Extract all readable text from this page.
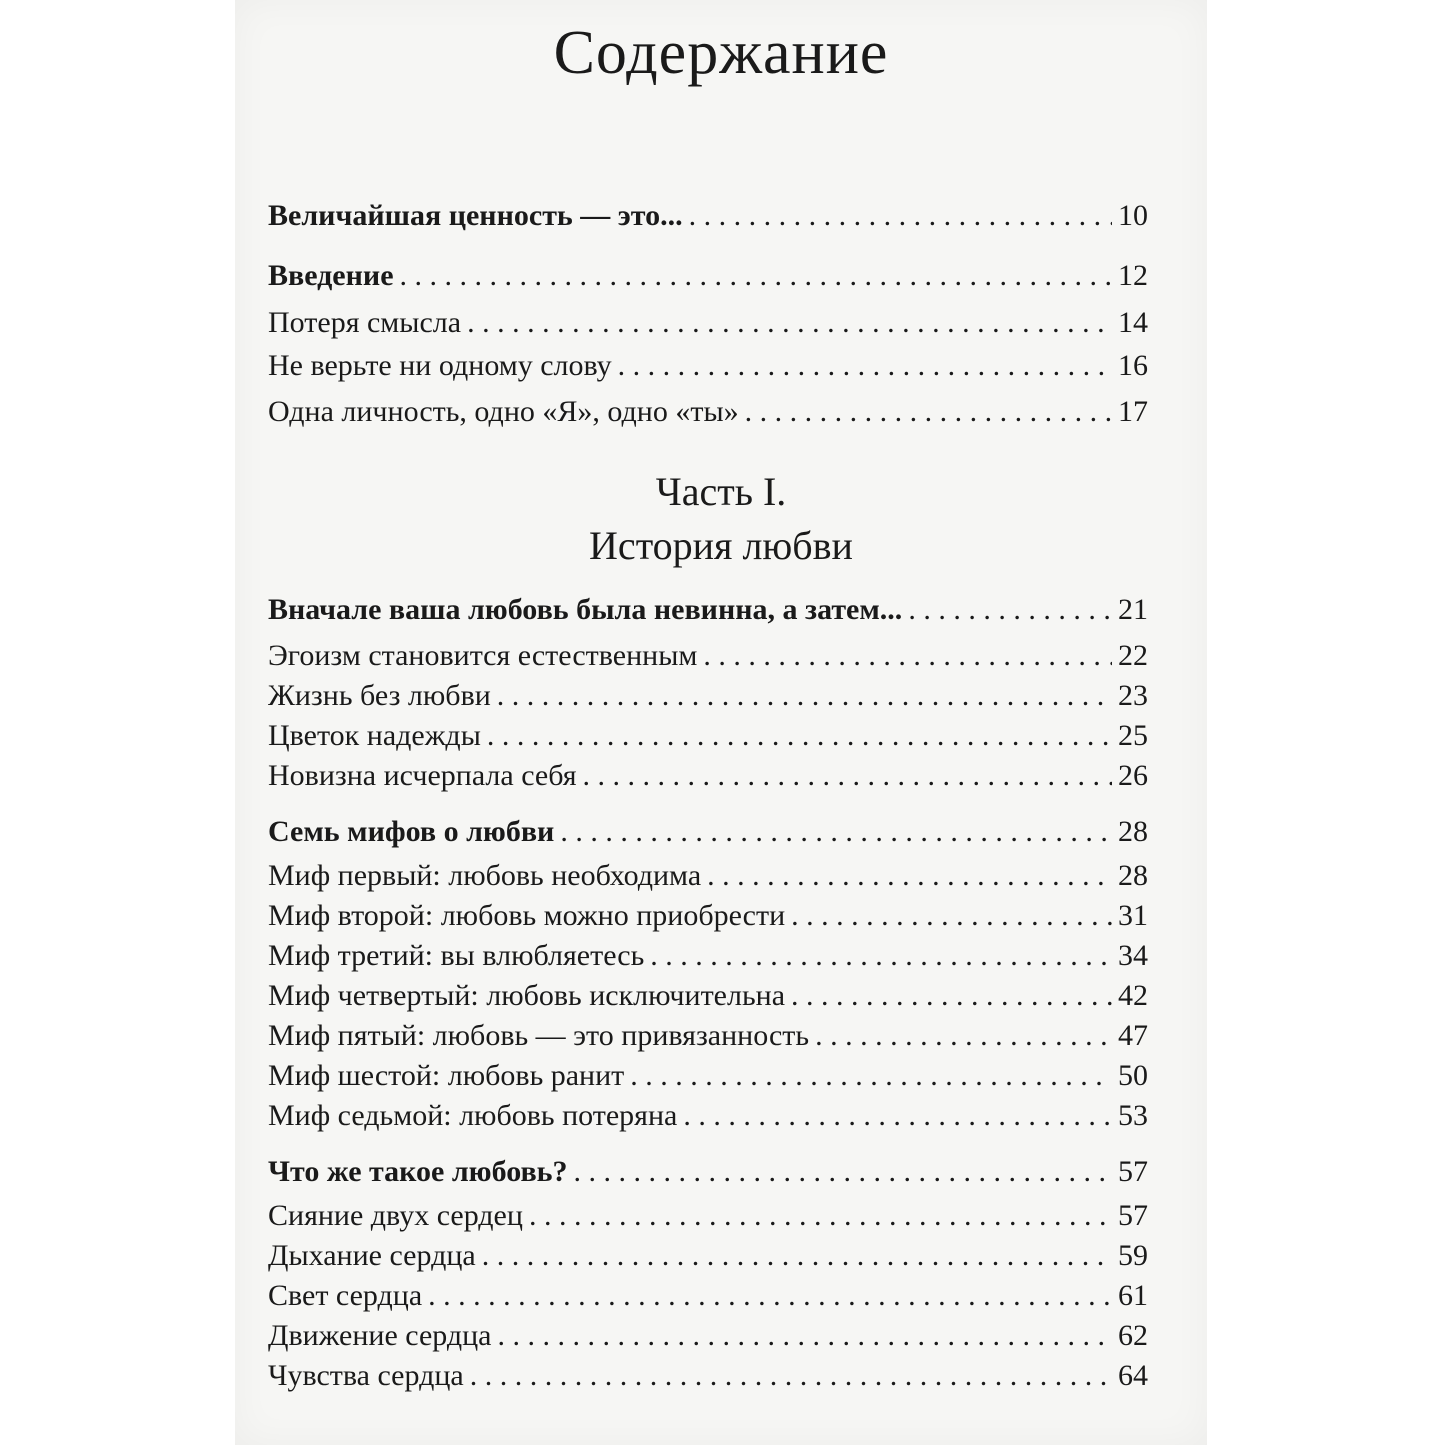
Содержание
Величайшая ценность — это... . . .	10
Введение . . .	12
Потеря смысла . . .	14
Не верьте ни одному слову . . .	16
Одна личность, одно «Я», одно «ты» . . .	17
Часть I.
История любви
Вначале ваша любовь была невинна, а затем... . . .	21
Эгоизм становится естественным . . .	22
Жизнь без любви . . .	23
Цветок надежды . . .	25
Новизна исчерпала себя . . .	26
Семь мифов о любви . . .	28
Миф первый: любовь необходима . . .	28
Миф второй: любовь можно приобрести . . .	31
Миф третий: вы влюбляетесь . . .	34
Миф четвертый: любовь исключительна . . .	42
Миф пятый: любовь — это привязанность . . .	47
Миф шестой: любовь ранит . . .	50
Миф седьмой: любовь потеряна . . .	53
Что же такое любовь? . . .	57
Сияние двух сердец . . .	57
Дыхание сердца . . .	59
Свет сердца . . .	61
Движение сердца . . .	62
Чувства сердца . . .	64
